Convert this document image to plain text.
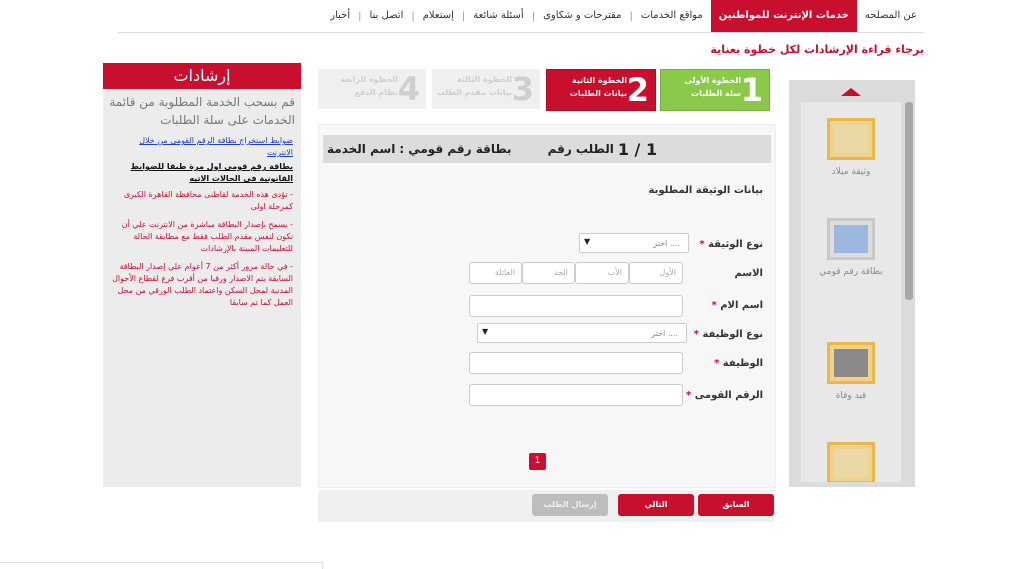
عن المصلحه
خدمات الإنترنت للمواطنين
مواقع الخدمات
|
مقترحات و شكاوى
|
أسئلة شائعة
|
إستعلام
|
اتصل بنا
|
أخبار
برجاء قراءة الإرشادات لكل خطوة بعناية
إرشادات
قم بسحب الخدمة المطلوبة من قائمة الخدمات على سلة الطلبات
ضوابط استخراج بطاقة الرقم القومى من خلال الانترنت
بطاقة رقم قومى اول مرة طبقا للضوابط القانونية فى الحالات الاتيه
- تؤدى هذه الخدمة لقاطنى محافظة القاهرة الكبرى كمرحلة اولى
- يسمح بإصدار البطاقة مباشرة من الانترنت علي أن تكون لنفس مقدم الطلب فقط مع مطابقة الحالة للتعليمات المبينة بالإرشادات
- في حالة مرور أكثر من 7 أعوام علي إصدار البطاقة السابقة يتم الاصدار ورقيا من أقرب فرع لقطاع الأحوال المدنية لمحل السكن واعتماد الطلب الورقي من محل العمل كما تم سابقا
1
الخطوة الأولى
سلة الطلبات
2
الخطوة الثانية
بيانات الطلبات
3
الخطوة الثالثة
بيانات مقدم الطلب
4
الخطوة الرابعة
نظام الدفع
اسم الخدمة : بطاقة رقم قومي	الطلب رقم 1 / 1
بيانات الوثيقة المطلوبة
نوع الوثيقة *
اختر ....
▼
الاسم
الأول
الأب
الجد
العائلة
اسم الام *
نوع الوظيفة *
اختر ....
▼
الوظيفة *
الرقم القومى *
1
السابق
التالي
إرسال الطلب
وثيقة ميلاد
بطاقة رقم قومي
قيد وفاة
